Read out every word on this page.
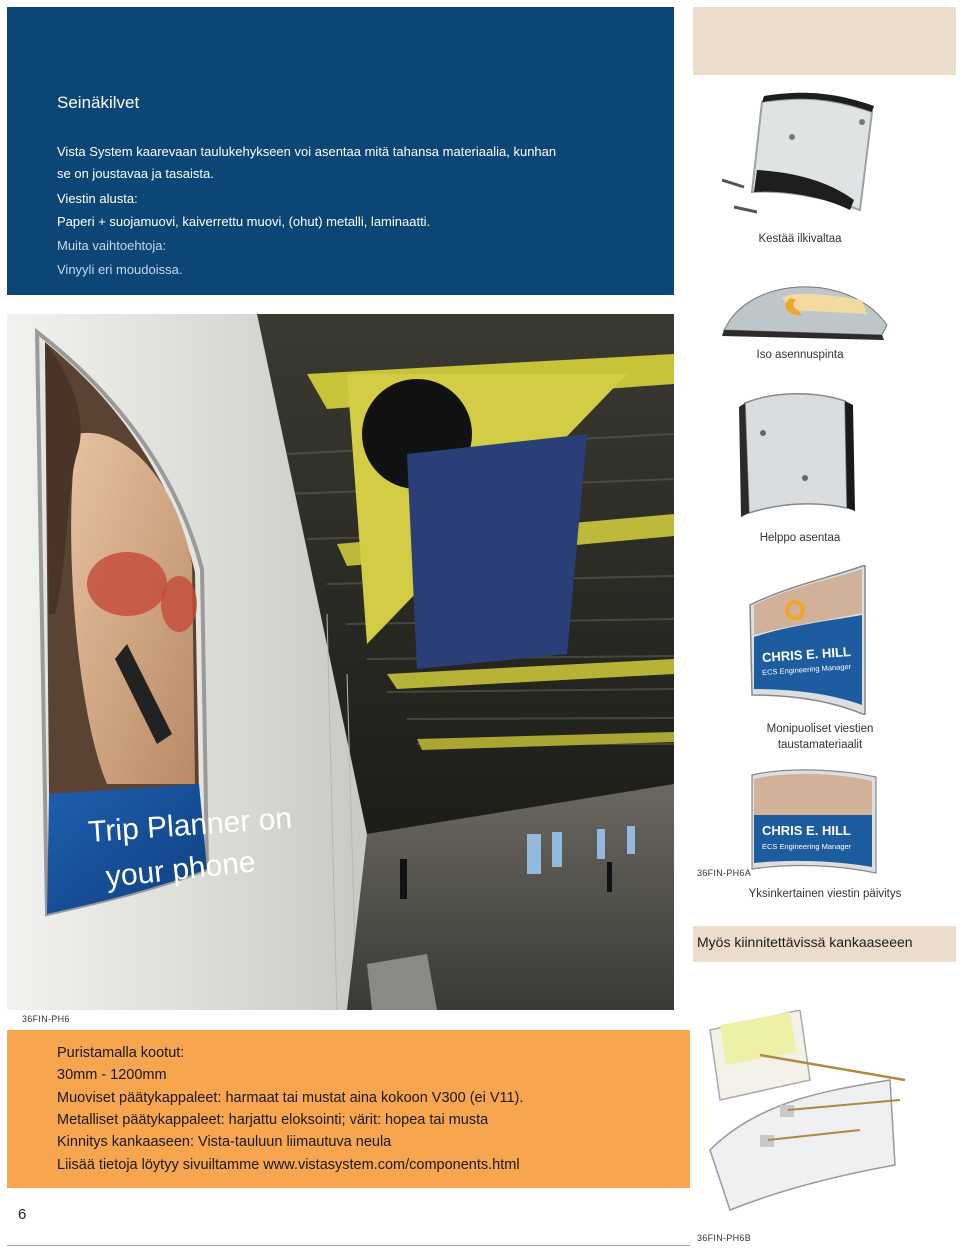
Seinäkilvet
Vista System kaarevaan taulukehykseen voi asentaa mitä tahansa materiaalia, kunhan
se on joustavaa ja tasaista.
Viestin alusta:
Paperi + suojamuovi, kaiverrettu muovi, (ohut) metalli, laminaatti.
Muita vaihtoehtoja:
Vinyyli eri moudoissa.
Trip Planner on
your phone
Kestää ilkivaltaa
Iso asennuspinta
Helppo asentaa
CHRIS E. HILL
ECS Engineering Manager
Monipuoliset viestien
taustamateriaalit
CHRIS E. HILL
ECS Engineering Manager
36FIN-PH6A
Yksinkertainen viestin päivitys
Myös kiinnitettävissä kankaaseeen
36FIN-PH6
Puristamalla kootut:
30mm - 1200mm
Muoviset päätykappaleet: harmaat tai mustat aina kokoon V300 (ei V11).
Metalliset päätykappaleet: harjattu eloksointi; värit: hopea tai musta
Kinnitys kankaaseen: Vista-tauluun liimautuva neula
Liisää tietoja löytyy sivuiltamme www.vistasystem.com/components.html
6
36FIN-PH6B
